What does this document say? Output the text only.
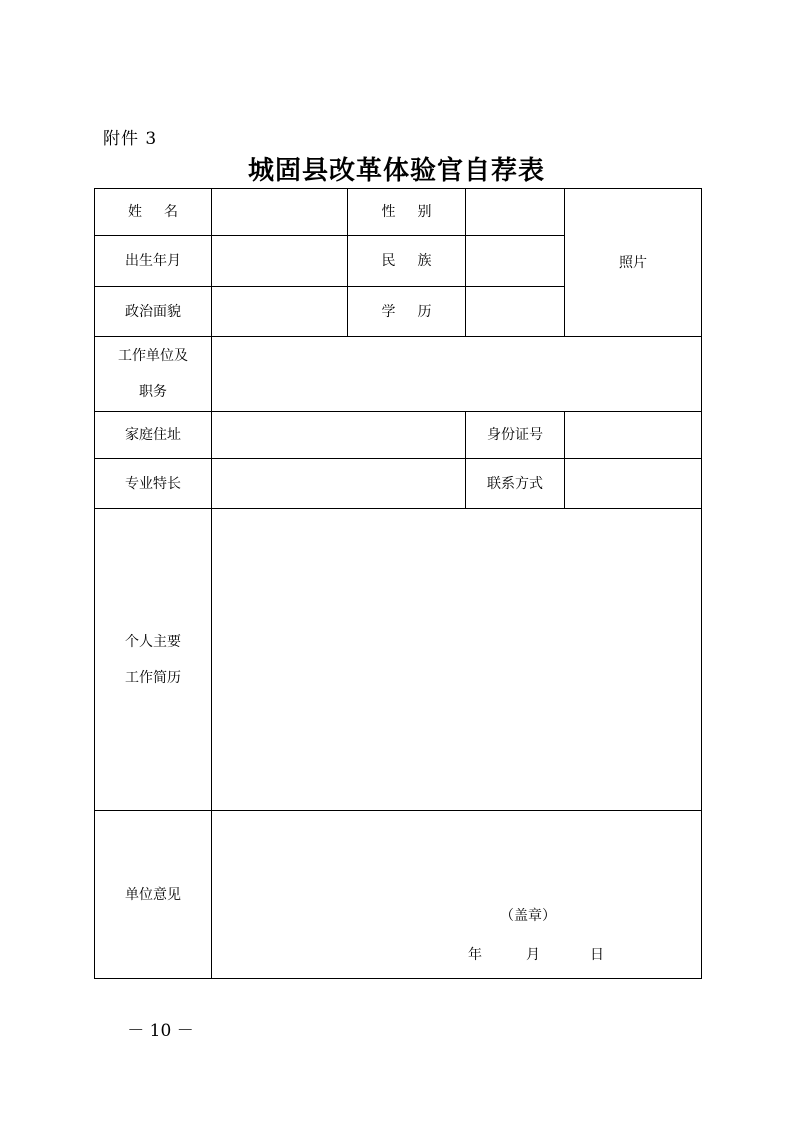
附件 3
城固县改革体验官自荐表
姓 名		性 别		照片
出生年月		民 族		
政治面貌		学 历		

工作单位及
职务				

家庭住址			身份证号	
专业特长			联系方式	

个人主要
工作简历				

单位意见	（盖章）
年 月 日			
－ 10 －
